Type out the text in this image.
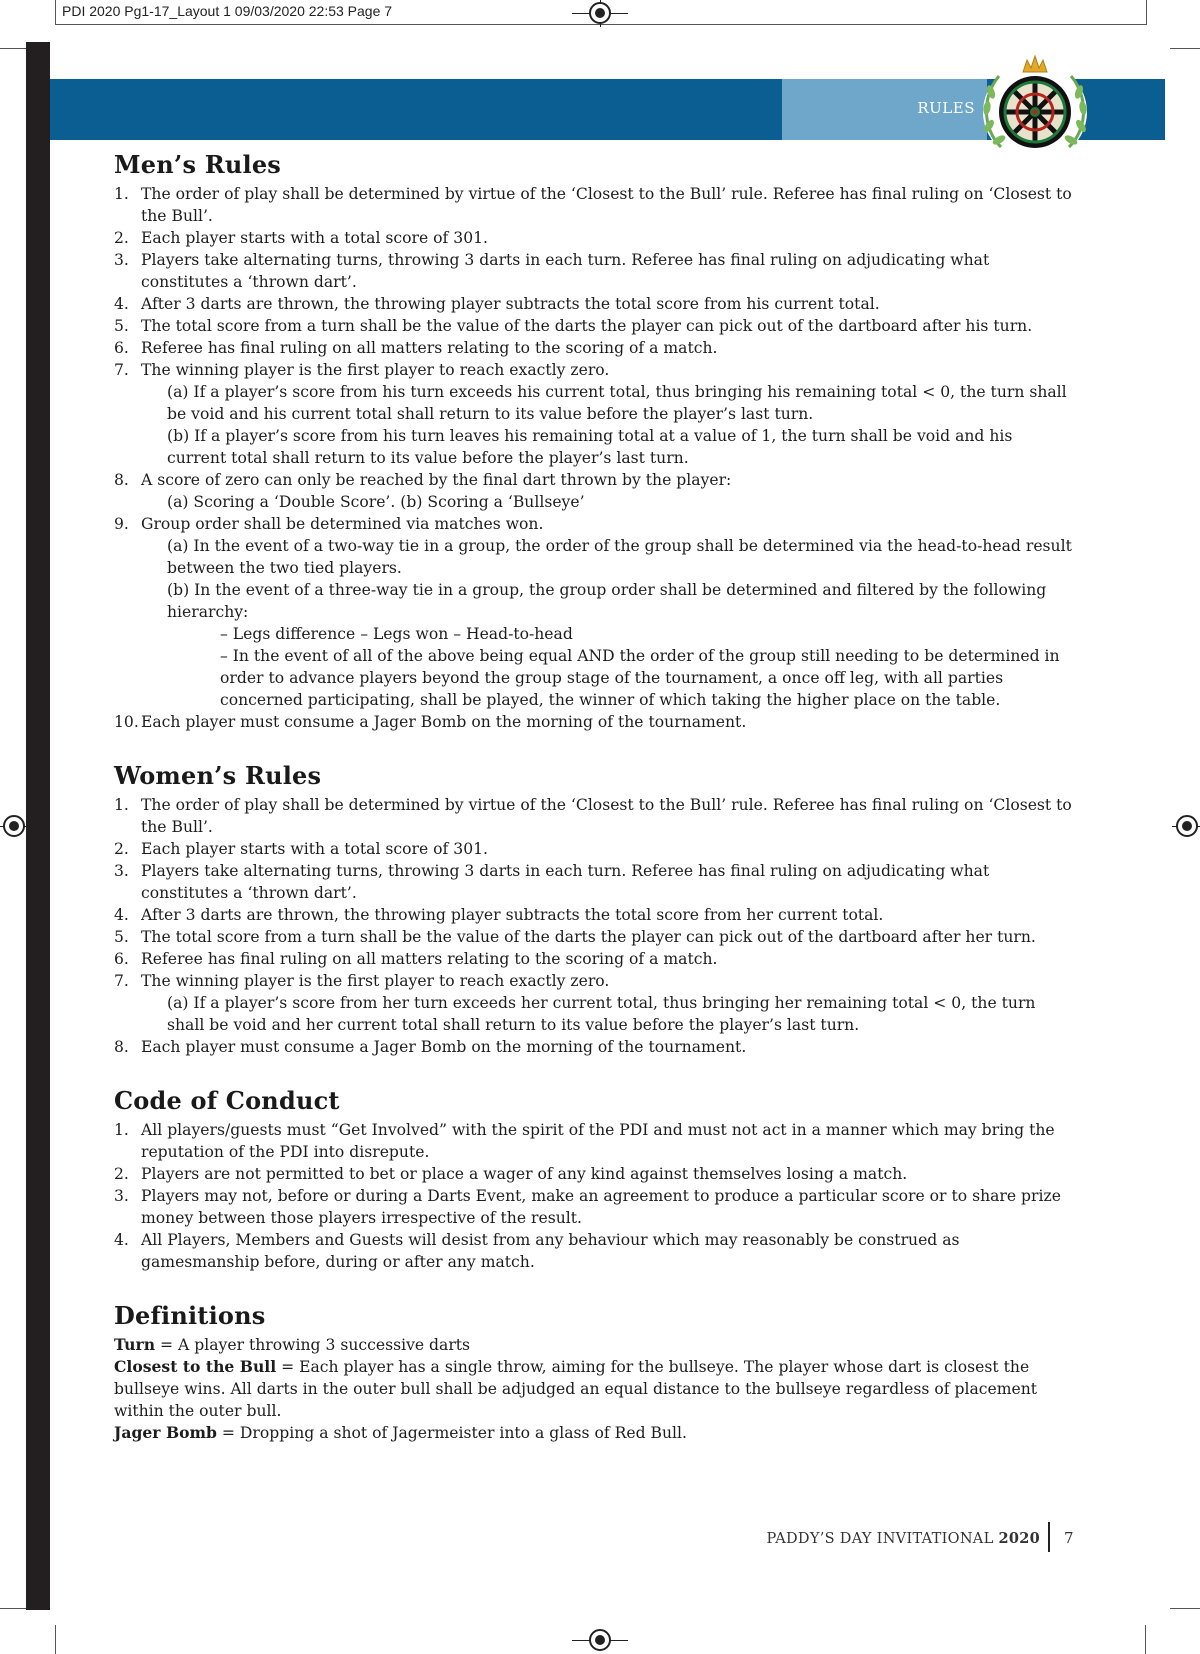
PDI 2020 Pg1-17_Layout 1 09/03/2020 22:53 Page 7
RULES
Men’s Rules
1. The order of play shall be determined by virtue of the ‘Closest to the Bull’ rule. Referee has final ruling on ‘Closest to the Bull’.
2. Each player starts with a total score of 301.
3. Players take alternating turns, throwing 3 darts in each turn. Referee has final ruling on adjudicating what constitutes a ‘thrown dart’.
4. After 3 darts are thrown, the throwing player subtracts the total score from his current total.
5. The total score from a turn shall be the value of the darts the player can pick out of the dartboard after his turn.
6. Referee has final ruling on all matters relating to the scoring of a match.
7. The winning player is the first player to reach exactly zero.
(a) If a player’s score from his turn exceeds his current total, thus bringing his remaining total < 0, the turn shall be void and his current total shall return to its value before the player’s last turn.
(b) If a player’s score from his turn leaves his remaining total at a value of 1, the turn shall be void and his current total shall return to its value before the player’s last turn.
8. A score of zero can only be reached by the final dart thrown by the player:
(a) Scoring a ‘Double Score’. (b) Scoring a ‘Bullseye’
9. Group order shall be determined via matches won.
(a) In the event of a two-way tie in a group, the order of the group shall be determined via the head-to-head result between the two tied players.
(b) In the event of a three-way tie in a group, the group order shall be determined and filtered by the following hierarchy:
– Legs difference – Legs won – Head-to-head
– In the event of all of the above being equal AND the order of the group still needing to be determined in order to advance players beyond the group stage of the tournament, a once off leg, with all parties concerned participating, shall be played, the winner of which taking the higher place on the table.
10. Each player must consume a Jager Bomb on the morning of the tournament.
Women’s Rules
1. The order of play shall be determined by virtue of the ‘Closest to the Bull’ rule. Referee has final ruling on ‘Closest to the Bull’.
2. Each player starts with a total score of 301.
3. Players take alternating turns, throwing 3 darts in each turn. Referee has final ruling on adjudicating what constitutes a ‘thrown dart’.
4. After 3 darts are thrown, the throwing player subtracts the total score from her current total.
5. The total score from a turn shall be the value of the darts the player can pick out of the dartboard after her turn.
6. Referee has final ruling on all matters relating to the scoring of a match.
7. The winning player is the first player to reach exactly zero.
(a) If a player’s score from her turn exceeds her current total, thus bringing her remaining total < 0, the turn shall be void and her current total shall return to its value before the player’s last turn.
8. Each player must consume a Jager Bomb on the morning of the tournament.
Code of Conduct
1. All players/guests must “Get Involved” with the spirit of the PDI and must not act in a manner which may bring the reputation of the PDI into disrepute.
2. Players are not permitted to bet or place a wager of any kind against themselves losing a match.
3. Players may not, before or during a Darts Event, make an agreement to produce a particular score or to share prize money between those players irrespective of the result.
4. All Players, Members and Guests will desist from any behaviour which may reasonably be construed as gamesmanship before, during or after any match.
Definitions
Turn = A player throwing 3 successive darts
Closest to the Bull = Each player has a single throw, aiming for the bullseye. The player whose dart is closest the bullseye wins. All darts in the outer bull shall be adjudged an equal distance to the bullseye regardless of placement within the outer bull.
Jager Bomb = Dropping a shot of Jagermeister into a glass of Red Bull.
PADDY’S DAY INVITATIONAL 2020 7
